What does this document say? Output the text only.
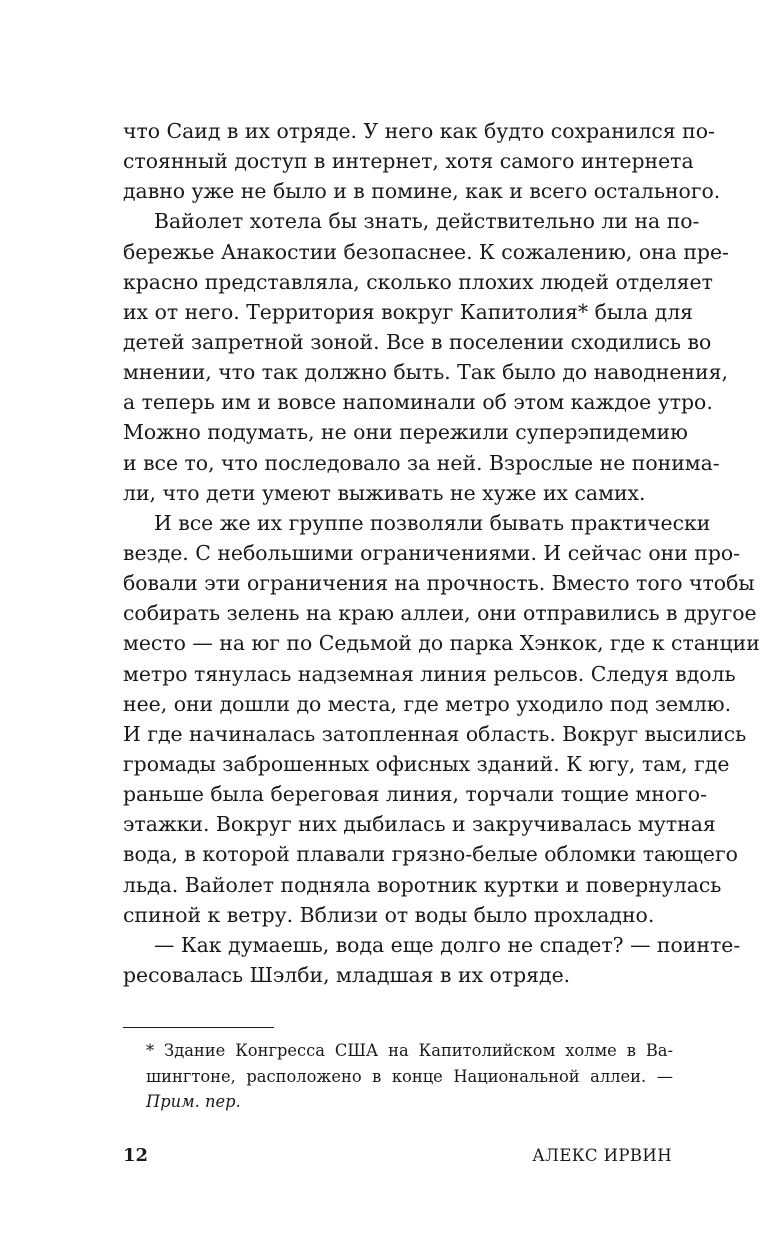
что Саид в их отряде. У него как будто сохранился по-
стоянный доступ в интернет, хотя самого интернета
давно уже не было и в помине, как и всего остального.
Вайолет хотела бы знать, действительно ли на по-
бережье Анакостии безопаснее. К сожалению, она пре-
красно представляла, сколько плохих людей отделяет
их от него. Территория вокруг Капитолия* была для
детей запретной зоной. Все в поселении сходились во
мнении, что так должно быть. Так было до наводнения,
а теперь им и вовсе напоминали об этом каждое утро.
Можно подумать, не они пережили суперэпидемию
и все то, что последовало за ней. Взрослые не понима-
ли, что дети умеют выживать не хуже их самих.
И все же их группе позволяли бывать практически
везде. С небольшими ограничениями. И сейчас они про-
бовали эти ограничения на прочность. Вместо того чтобы
собирать зелень на краю аллеи, они отправились в другое
место — на юг по Седьмой до парка Хэнкок, где к станции
метро тянулась надземная линия рельсов. Следуя вдоль
нее, они дошли до места, где метро уходило под землю.
И где начиналась затопленная область. Вокруг высились
громады заброшенных офисных зданий. К югу, там, где
раньше была береговая линия, торчали тощие много-
этажки. Вокруг них дыбилась и закручивалась мутная
вода, в которой плавали грязно-белые обломки тающего
льда. Вайолет подняла воротник куртки и повернулась
спиной к ветру. Вблизи от воды было прохладно.
— Как думаешь, вода еще долго не спадет? — поинте-
ресовалась Шэлби, младшая в их отряде.
* Здание Конгресса США на Капитолийском холме в Ва-
шингтоне, расположено в конце Национальной аллеи. —
Прим. пер.
12	АЛЕКС ИРВИН
